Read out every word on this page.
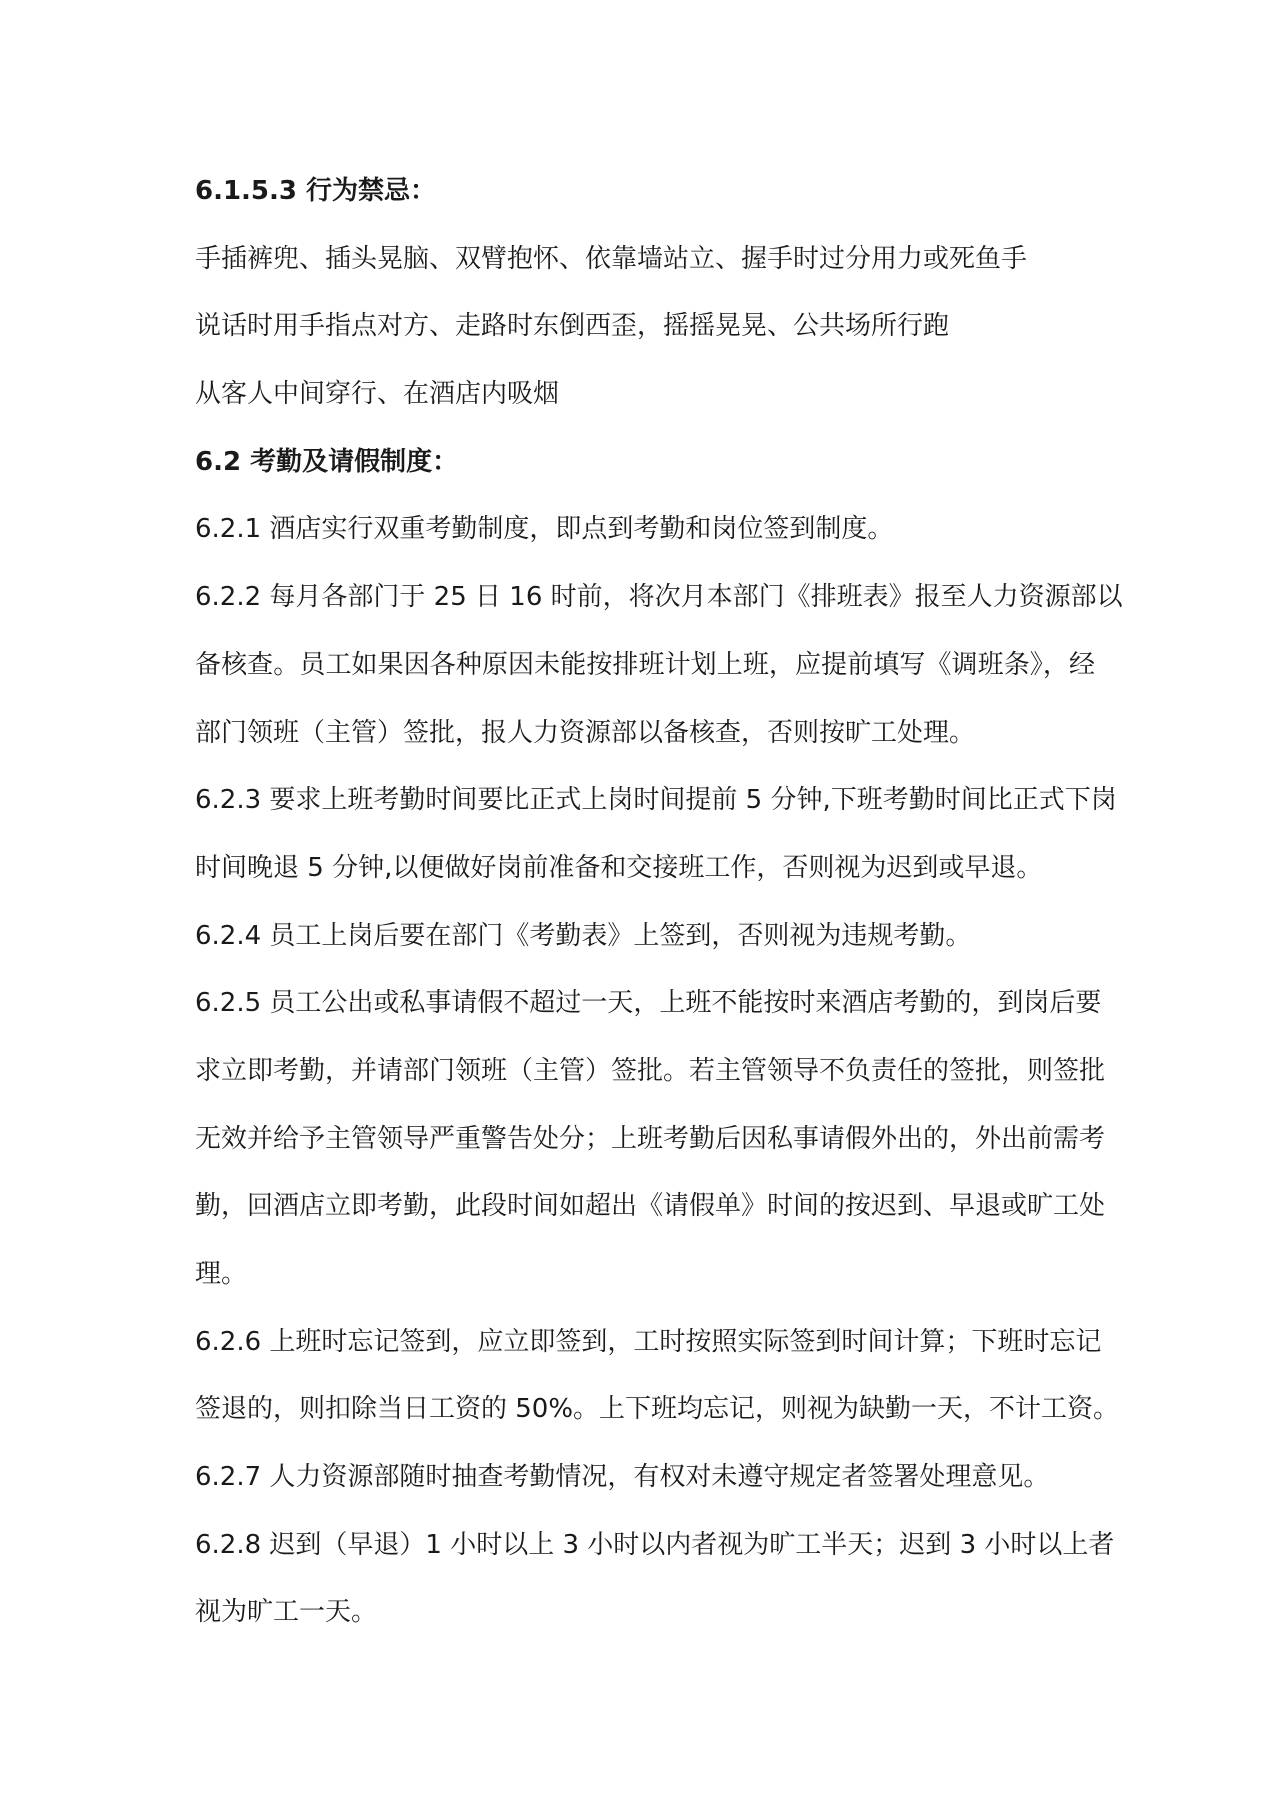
6.1.5.3 行为禁忌：
手插裤兜、插头晃脑、双臂抱怀、依靠墙站立、握手时过分用力或死鱼手
说话时用手指点对方、走路时东倒西歪，摇摇晃晃、公共场所行跑
从客人中间穿行、在酒店内吸烟
6.2 考勤及请假制度：
6.2.1 酒店实行双重考勤制度，即点到考勤和岗位签到制度。
6.2.2 每月各部门于 25 日 16 时前，将次月本部门《排班表》报至人力资源部以
备核查。员工如果因各种原因未能按排班计划上班，应提前填写《调班条》，经
部门领班（主管）签批，报人力资源部以备核查，否则按旷工处理。
6.2.3 要求上班考勤时间要比正式上岗时间提前 5 分钟,下班考勤时间比正式下岗
时间晚退 5 分钟,以便做好岗前准备和交接班工作，否则视为迟到或早退。
6.2.4 员工上岗后要在部门《考勤表》上签到，否则视为违规考勤。
6.2.5 员工公出或私事请假不超过一天，上班不能按时来酒店考勤的，到岗后要
求立即考勤，并请部门领班（主管）签批。若主管领导不负责任的签批，则签批
无效并给予主管领导严重警告处分；上班考勤后因私事请假外出的，外出前需考
勤，回酒店立即考勤，此段时间如超出《请假单》时间的按迟到、早退或旷工处
理。
6.2.6 上班时忘记签到，应立即签到，工时按照实际签到时间计算；下班时忘记
签退的，则扣除当日工资的 50%。上下班均忘记，则视为缺勤一天，不计工资。
6.2.7 人力资源部随时抽查考勤情况，有权对未遵守规定者签署处理意见。
6.2.8 迟到（早退）1 小时以上 3 小时以内者视为旷工半天；迟到 3 小时以上者
视为旷工一天。
